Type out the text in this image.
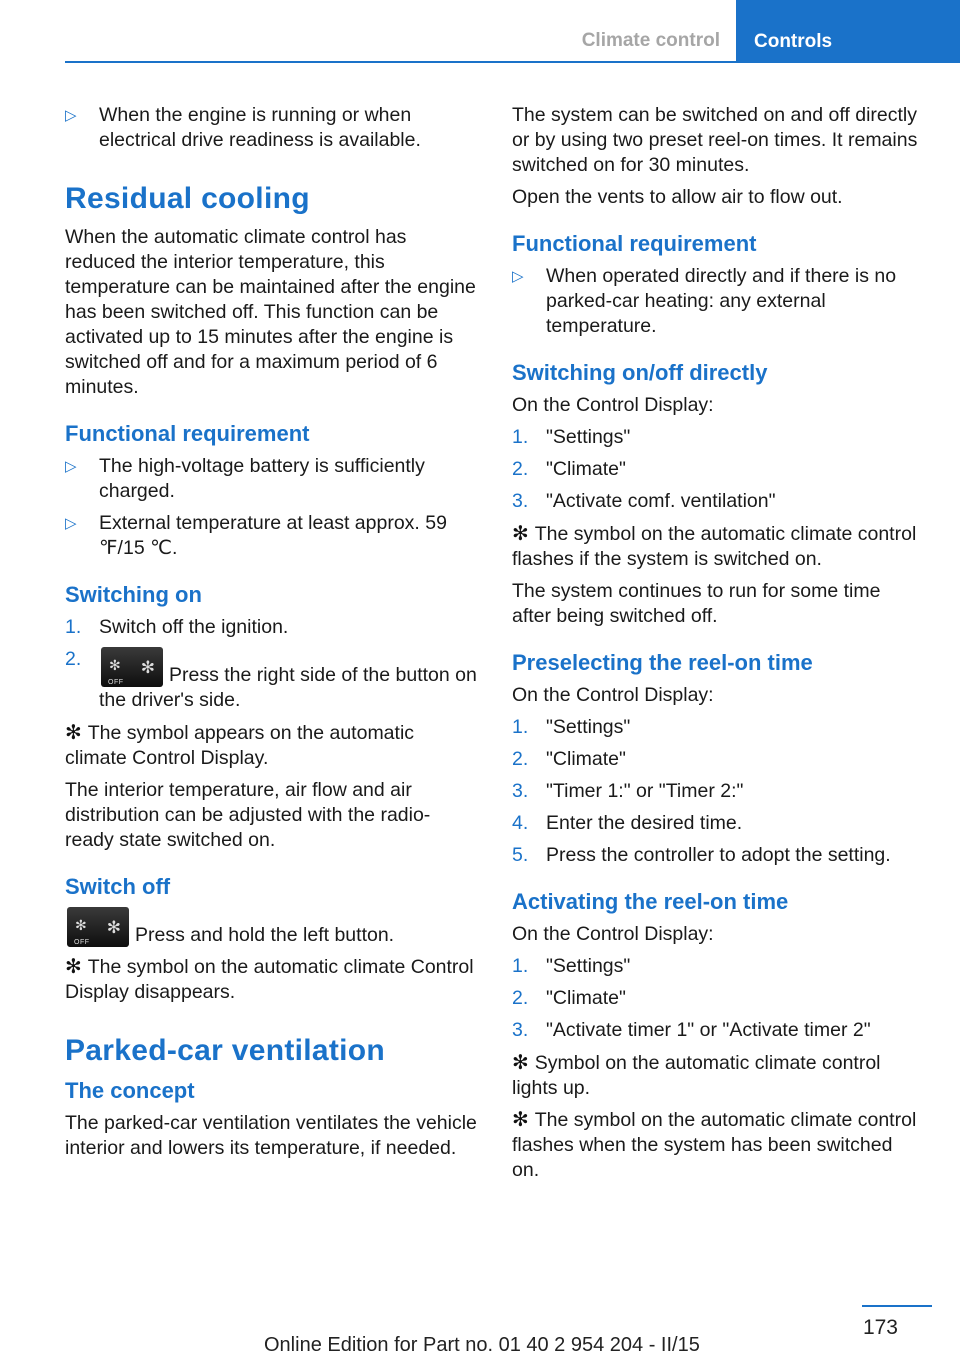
Climate control	Controls
▷ When the engine is running or when electrical drive readiness is available.
Residual cooling

When the automatic climate control has reduced the interior temperature, this temperature can be maintained after the engine has been switched off. This function can be activated up to 15 minutes after the engine is switched off and for a maximum period of 6 minutes.

Functional requirement
▷ The high-voltage battery is sufficiently charged.
▷ External temperature at least approx. 59 ℉/15 ℃.
Switching on
1. Switch off the ignition.
2. ✻
OFF
✻ Press the right side of the button on the driver's side.

✻ The symbol appears on the automatic climate Control Display.

The interior temperature, air flow and air distribution can be adjusted with the radio-ready state switched on.

Switch off

✻
OFF
✻ Press and hold the left button.

✻ The symbol on the automatic climate Control Display disappears.

Parked-car ventilation
The concept

The parked-car ventilation ventilates the vehicle interior and lowers its temperature, if needed.

The system can be switched on and off directly or by using two preset reel-on times. It remains switched on for 30 minutes.

Open the vents to allow air to flow out.

Functional requirement
▷ When operated directly and if there is no parked-car heating: any external temperature.
Switching on/off directly

On the Control Display:

1. "Settings"
2. "Climate"
3. "Activate comf. ventilation"

✻ The symbol on the automatic climate control flashes if the system is switched on.

The system continues to run for some time after being switched off.

Preselecting the reel-on time

On the Control Display:

1. "Settings"
2. "Climate"
3. "Timer 1:" or "Timer 2:"
4. Enter the desired time.
5. Press the controller to adopt the setting.
Activating the reel-on time

On the Control Display:

1. "Settings"
2. "Climate"
3. "Activate timer 1" or "Activate timer 2"

✻ Symbol on the automatic climate control lights up.

✻ The symbol on the automatic climate control flashes when the system has been switched on.

173
Online Edition for Part no. 01 40 2 954 204 - II/15
